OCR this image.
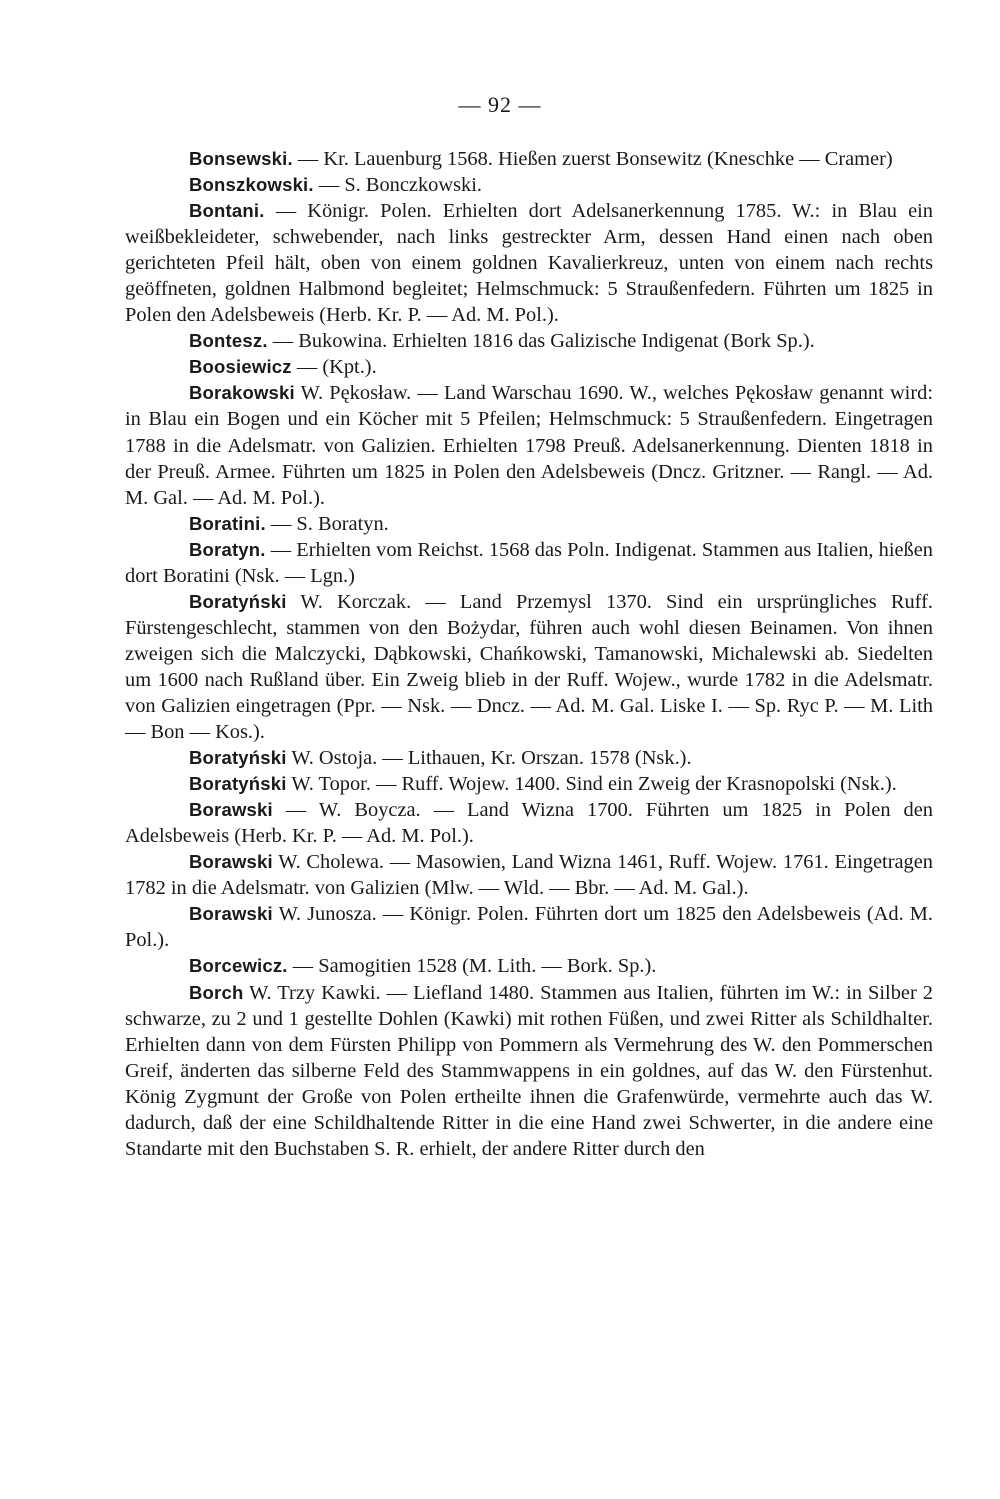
— 92 —

Bonsewski. — Kr. Lauenburg 1568. Hießen zuerst Bonsewitz (Kneschke — Cramer)

Bonszkowski. — S. Bonczkowski.

Bontani. — Königr. Polen. Erhielten dort Adelsanerkennung 1785. W.: in Blau ein weißbekleideter, schwebender, nach links gestreckter Arm, dessen Hand einen nach oben gerichteten Pfeil hält, oben von einem goldnen Kavalierkreuz, unten von einem nach rechts geöffneten, goldnen Halbmond begleitet; Helmschmuck: 5 Straußenfedern. Führten um 1825 in Polen den Adelsbeweis (Herb. Kr. P. — Ad. M. Pol.).

Bontesz. — Bukowina. Erhielten 1816 das Galizische Indigenat (Bork Sp.).

Boosiewicz — (Kpt.).

Borakowski W. Pękosław. — Land Warschau 1690. W., welches Pękosław genannt wird: in Blau ein Bogen und ein Köcher mit 5 Pfeilen; Helmschmuck: 5 Straußenfedern. Eingetragen 1788 in die Adelsmatr. von Galizien. Erhielten 1798 Preuß. Adelsanerkennung. Dienten 1818 in der Preuß. Armee. Führten um 1825 in Polen den Adelsbeweis (Dncz. Gritzner. — Rangl. — Ad. M. Gal. — Ad. M. Pol.).

Boratini. — S. Boratyn.

Boratyn. — Erhielten vom Reichst. 1568 das Poln. Indigenat. Stammen aus Italien, hießen dort Boratini (Nsk. — Lgn.)

Boratyński W. Korczak. — Land Przemysl 1370. Sind ein ursprüngliches Ruff. Fürstengeschlecht, stammen von den Bożydar, führen auch wohl diesen Beinamen. Von ihnen zweigen sich die Malczycki, Dąbkowski, Chańkowski, Tamanowski, Michalewski ab. Siedelten um 1600 nach Rußland über. Ein Zweig blieb in der Ruff. Wojew., wurde 1782 in die Adelsmatr. von Galizien eingetragen (Ppr. — Nsk. — Dncz. — Ad. M. Gal. Liske I. — Sp. Ryc P. — M. Lith — Bon — Kos.).

Boratyński W. Ostoja. — Lithauen, Kr. Orszan. 1578 (Nsk.).

Boratyński W. Topor. — Ruff. Wojew. 1400. Sind ein Zweig der Krasnopolski (Nsk.).

Borawski — W. Boycza. — Land Wizna 1700. Führten um 1825 in Polen den Adelsbeweis (Herb. Kr. P. — Ad. M. Pol.).

Borawski W. Cholewa. — Masowien, Land Wizna 1461, Ruff. Wojew. 1761. Eingetragen 1782 in die Adelsmatr. von Galizien (Mlw. — Wld. — Bbr. — Ad. M. Gal.).

Borawski W. Junosza. — Königr. Polen. Führten dort um 1825 den Adelsbeweis (Ad. M. Pol.).

Borcewicz. — Samogitien 1528 (M. Lith. — Bork. Sp.).

Borch W. Trzy Kawki. — Liefland 1480. Stammen aus Italien, führten im W.: in Silber 2 schwarze, zu 2 und 1 gestellte Dohlen (Kawki) mit rothen Füßen, und zwei Ritter als Schildhalter. Erhielten dann von dem Fürsten Philipp von Pommern als Vermehrung des W. den Pommerschen Greif, änderten das silberne Feld des Stammwappens in ein goldnes, auf das W. den Fürstenhut. König Zygmunt der Große von Polen ertheilte ihnen die Grafenwürde, vermehrte auch das W. dadurch, daß der eine Schildhaltende Ritter in die eine Hand zwei Schwerter, in die andere eine Standarte mit den Buchstaben S. R. erhielt, der andere Ritter durch den
